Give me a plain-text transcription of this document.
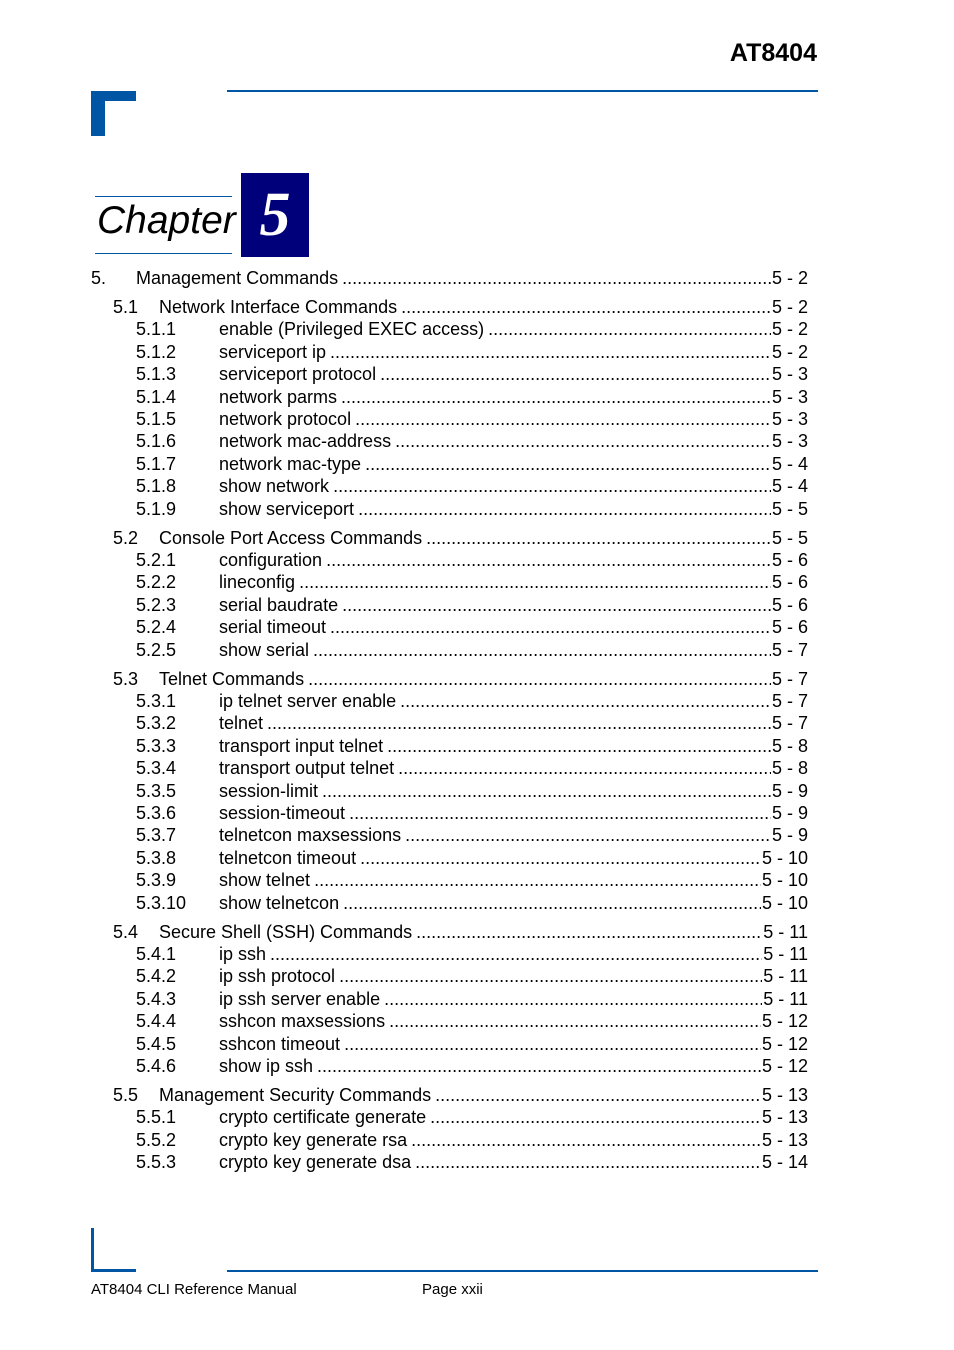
AT8404
Chapter 5
5.	Management Commands .....	5 - 2
5.1	Network Interface Commands .....	5 - 2
5.1.1	enable (Privileged EXEC access) .....	5 - 2
5.1.2	serviceport ip .....	5 - 2
5.1.3	serviceport protocol .....	5 - 3
5.1.4	network parms .....	5 - 3
5.1.5	network protocol .....	5 - 3
5.1.6	network mac-address .....	5 - 3
5.1.7	network mac-type .....	5 - 4
5.1.8	show network .....	5 - 4
5.1.9	show serviceport .....	5 - 5
5.2	Console Port Access Commands .....	5 - 5
5.2.1	configuration .....	5 - 6
5.2.2	lineconfig .....	5 - 6
5.2.3	serial baudrate .....	5 - 6
5.2.4	serial timeout .....	5 - 6
5.2.5	show serial .....	5 - 7
5.3	Telnet Commands .....	5 - 7
5.3.1	ip telnet server enable .....	5 - 7
5.3.2	telnet .....	5 - 7
5.3.3	transport input telnet .....	5 - 8
5.3.4	transport output telnet .....	5 - 8
5.3.5	session-limit .....	5 - 9
5.3.6	session-timeout .....	5 - 9
5.3.7	telnetcon maxsessions .....	5 - 9
5.3.8	telnetcon timeout .....	5 - 10
5.3.9	show telnet .....	5 - 10
5.3.10	show telnetcon .....	5 - 10
5.4	Secure Shell (SSH) Commands .....	5 - 11
5.4.1	ip ssh .....	5 - 11
5.4.2	ip ssh protocol .....	5 - 11
5.4.3	ip ssh server enable .....	5 - 11
5.4.4	sshcon maxsessions .....	5 - 12
5.4.5	sshcon timeout .....	5 - 12
5.4.6	show ip ssh .....	5 - 12
5.5	Management Security Commands .....	5 - 13
5.5.1	crypto certificate generate .....	5 - 13
5.5.2	crypto key generate rsa .....	5 - 13
5.5.3	crypto key generate dsa .....	5 - 14
AT8404 CLI Reference Manual	Page xxii
